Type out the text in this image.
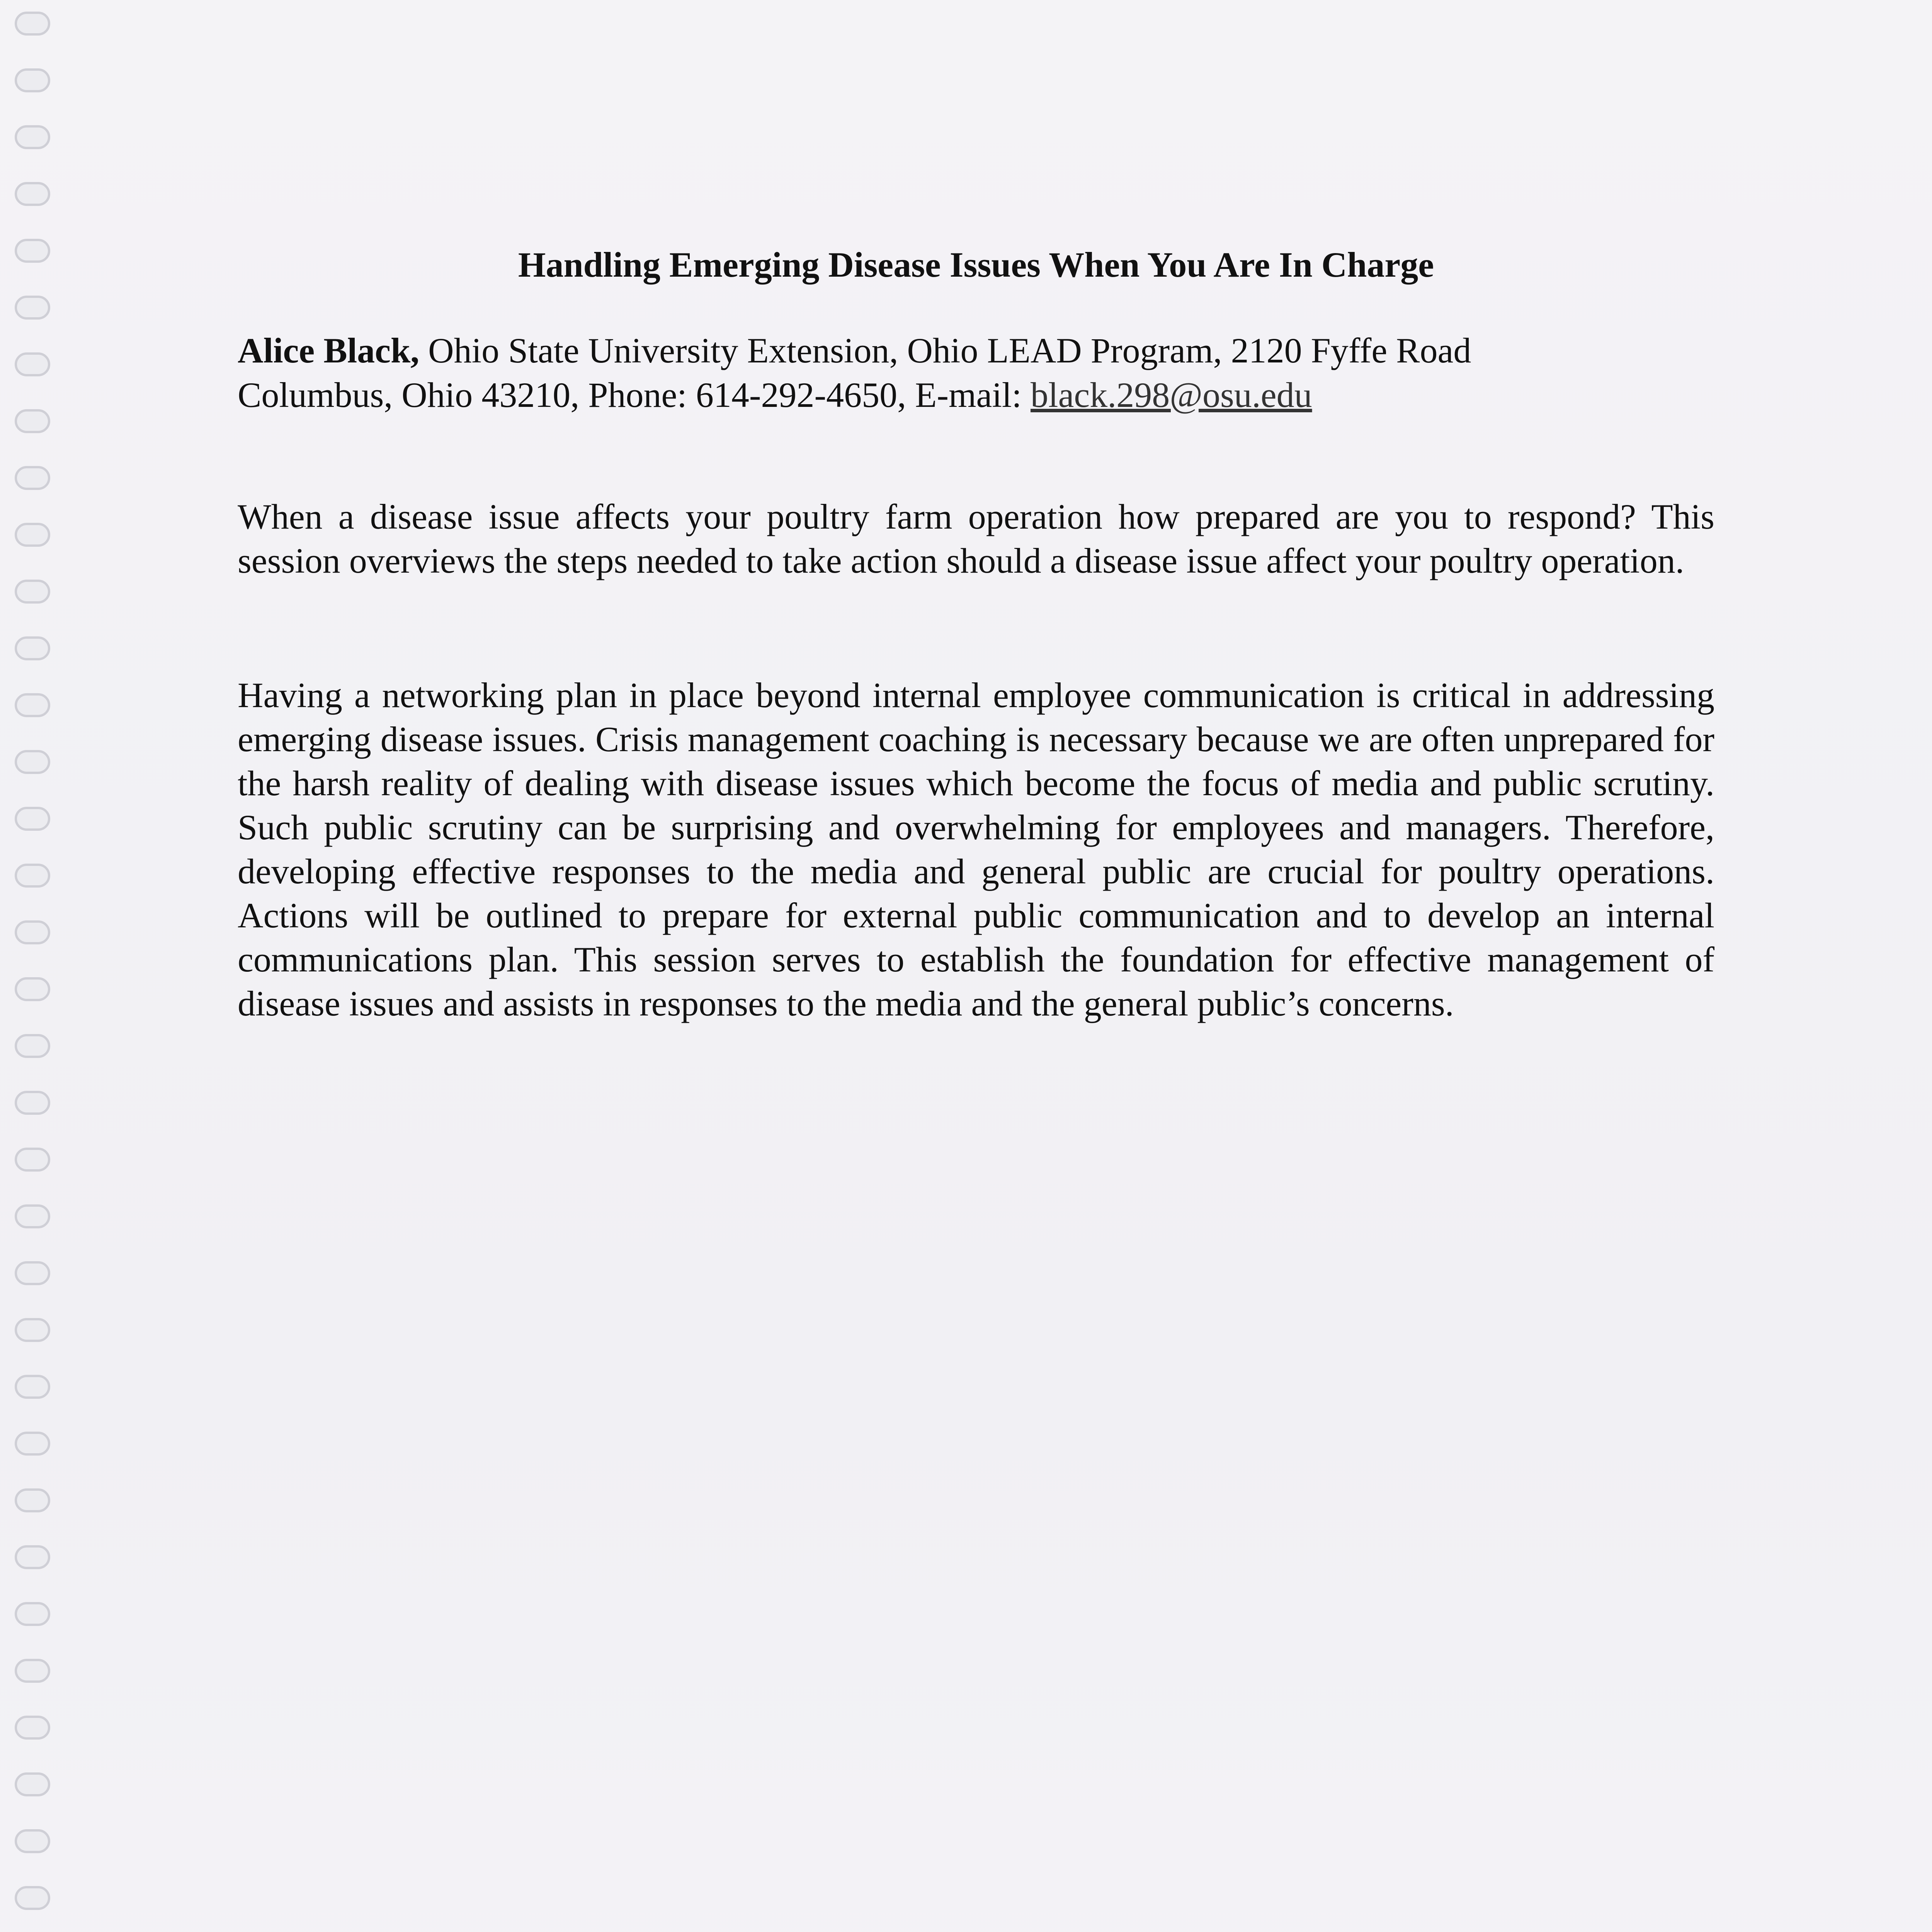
Handling Emerging Disease Issues When You Are In Charge

Alice Black, Ohio State University Extension, Ohio LEAD Program, 2120 Fyffe Road
Columbus, Ohio 43210, Phone: 614-292-4650, E-mail: black.298@osu.edu

When a disease issue affects your poultry farm operation how prepared are you to respond? This session overviews the steps needed to take action should a disease issue affect your poultry operation.

Having a networking plan in place beyond internal employee communication is critical in addressing emerging disease issues. Crisis management coaching is necessary because we are often unprepared for the harsh reality of dealing with disease issues which become the focus of media and public scrutiny. Such public scrutiny can be surprising and overwhelming for employees and managers. Therefore, developing effective responses to the media and general public are crucial for poultry operations. Actions will be outlined to prepare for external public communication and to develop an internal communications plan. This session serves to establish the foundation for effective management of disease issues and assists in responses to the media and the general public’s concerns.
